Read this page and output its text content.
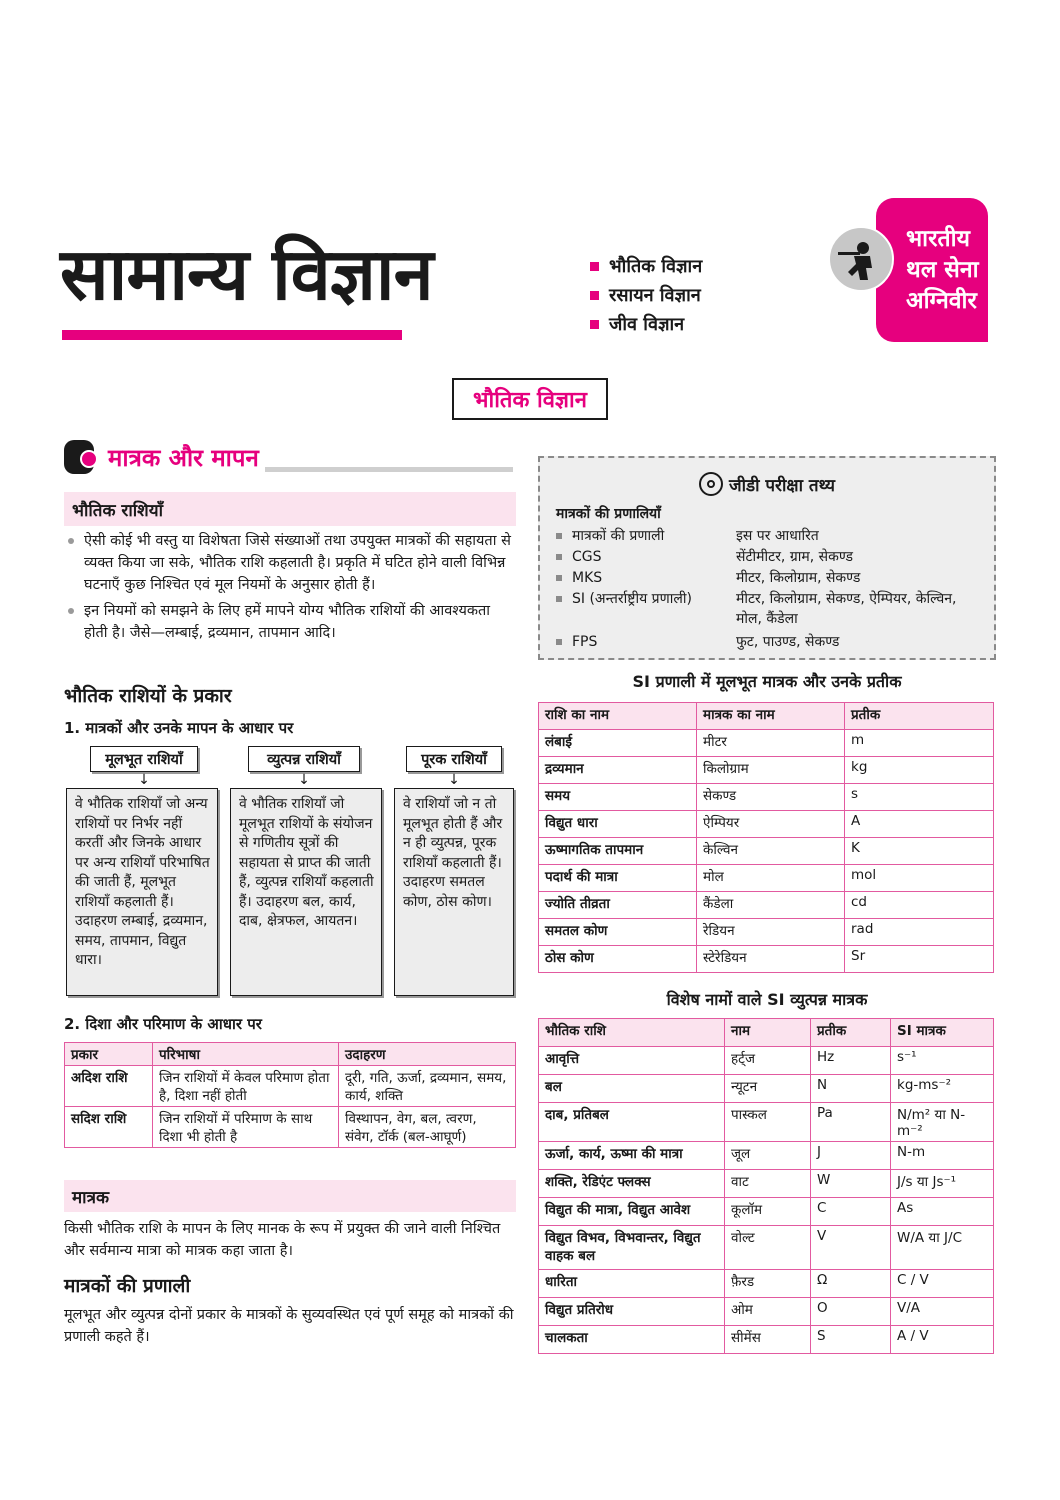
सामान्य विज्ञान	भौतिक विज्ञान
रसायन विज्ञान
जीव विज्ञान
भारतीय
थल सेना
अग्निवीर
भौतिक विज्ञान
मात्रक और मापन
भौतिक राशियाँ
ऐसी कोई भी वस्तु या विशेषता जिसे संख्याओं तथा उपयुक्त मात्रकों की सहायता से व्यक्त किया जा सके, भौतिक राशि कहलाती है। प्रकृति में घटित होने वाली विभिन्न घटनाएँ कुछ निश्चित एवं मूल नियमों के अनुसार होती हैं।
इन नियमों को समझने के लिए हमें मापने योग्य भौतिक राशियों की आवश्यकता होती है। जैसे—लम्बाई, द्रव्यमान, तापमान आदि।
भौतिक राशियों के प्रकार
1. मात्रकों और उनके मापन के आधार पर
मूलभूत राशियाँ
↓
वे भौतिक राशियाँ जो अन्य राशियों पर निर्भर नहीं करतीं और जिनके आधार पर अन्य राशियाँ परिभाषित की जाती हैं, मूलभूत राशियाँ कहलाती हैं। उदाहरण लम्बाई, द्रव्यमान, समय, तापमान, विद्युत धारा।
व्युत्पन्न राशियाँ
↓
वे भौतिक राशियाँ जो मूलभूत राशियों के संयोजन से गणितीय सूत्रों की सहायता से प्राप्त की जाती हैं, व्युत्पन्न राशियाँ कहलाती हैं। उदाहरण बल, कार्य, दाब, क्षेत्रफल, आयतन।
पूरक राशियाँ
↓
वे राशियाँ जो न तो मूलभूत होती हैं और न ही व्युत्पन्न, पूरक राशियाँ कहलाती हैं। उदाहरण समतल कोण, ठोस कोण।
2. दिशा और परिमाण के आधार पर
प्रकार	परिभाषा	उदाहरण
अदिश राशि	जिन राशियों में केवल परिमाण होता है, दिशा नहीं होती	दूरी, गति, ऊर्जा, द्रव्यमान, समय, कार्य, शक्ति
सदिश राशि	जिन राशियों में परिमाण के साथ दिशा भी होती है	विस्थापन, वेग, बल, त्वरण, संवेग, टॉर्क (बल-आघूर्ण)
मात्रक
किसी भौतिक राशि के मापन के लिए मानक के रूप में प्रयुक्त की जाने वाली निश्चित और सर्वमान्य मात्रा को मात्रक कहा जाता है।
मात्रकों की प्रणाली
मूलभूत और व्युत्पन्न दोनों प्रकार के मात्रकों के सुव्यवस्थित एवं पूर्ण समूह को मात्रकों की प्रणाली कहते हैं।
जीडी परीक्षा तथ्य
मात्रकों की प्रणालियाँ
मात्रकों की प्रणाली	इस पर आधारित
CGS	सेंटीमीटर, ग्राम, सेकण्ड
MKS	मीटर, किलोग्राम, सेकण्ड
SI (अन्तर्राष्ट्रीय प्रणाली)	मीटर, किलोग्राम, सेकण्ड, ऐम्पियर, केल्विन, मोल, कैंडेला
FPS	फुट, पाउण्ड, सेकण्ड
SI प्रणाली में मूलभूत मात्रक और उनके प्रतीक
राशि का नाम	मात्रक का नाम	प्रतीक
लंबाई	मीटर	m
द्रव्यमान	किलोग्राम	kg
समय	सेकण्ड	s
विद्युत धारा	ऐम्पियर	A
ऊष्मागतिक तापमान	केल्विन	K
पदार्थ की मात्रा	मोल	mol
ज्योति तीव्रता	कैंडेला	cd
समतल कोण	रेडियन	rad
ठोस कोण	स्टेरेडियन	Sr
विशेष नामों वाले SI व्युत्पन्न मात्रक
भौतिक राशि	नाम	प्रतीक	SI मात्रक
आवृत्ति	हर्ट्ज	Hz	s⁻¹
बल	न्यूटन	N	kg-ms⁻²
दाब, प्रतिबल	पास्कल	Pa	N/m² या N-m⁻²
ऊर्जा, कार्य, ऊष्मा की मात्रा	जूल	J	N-m
शक्ति, रेडिएंट फ्लक्स	वाट	W	J/s या Js⁻¹
विद्युत की मात्रा, विद्युत आवेश	कूलॉम	C	As
विद्युत विभव, विभवान्तर, विद्युत वाहक बल	वोल्ट	V	W/A या J/C
धारिता	फ़ैरड	Ω	C / V
विद्युत प्रतिरोध	ओम	O	V/A
चालकता	सीमेंस	S	A / V
